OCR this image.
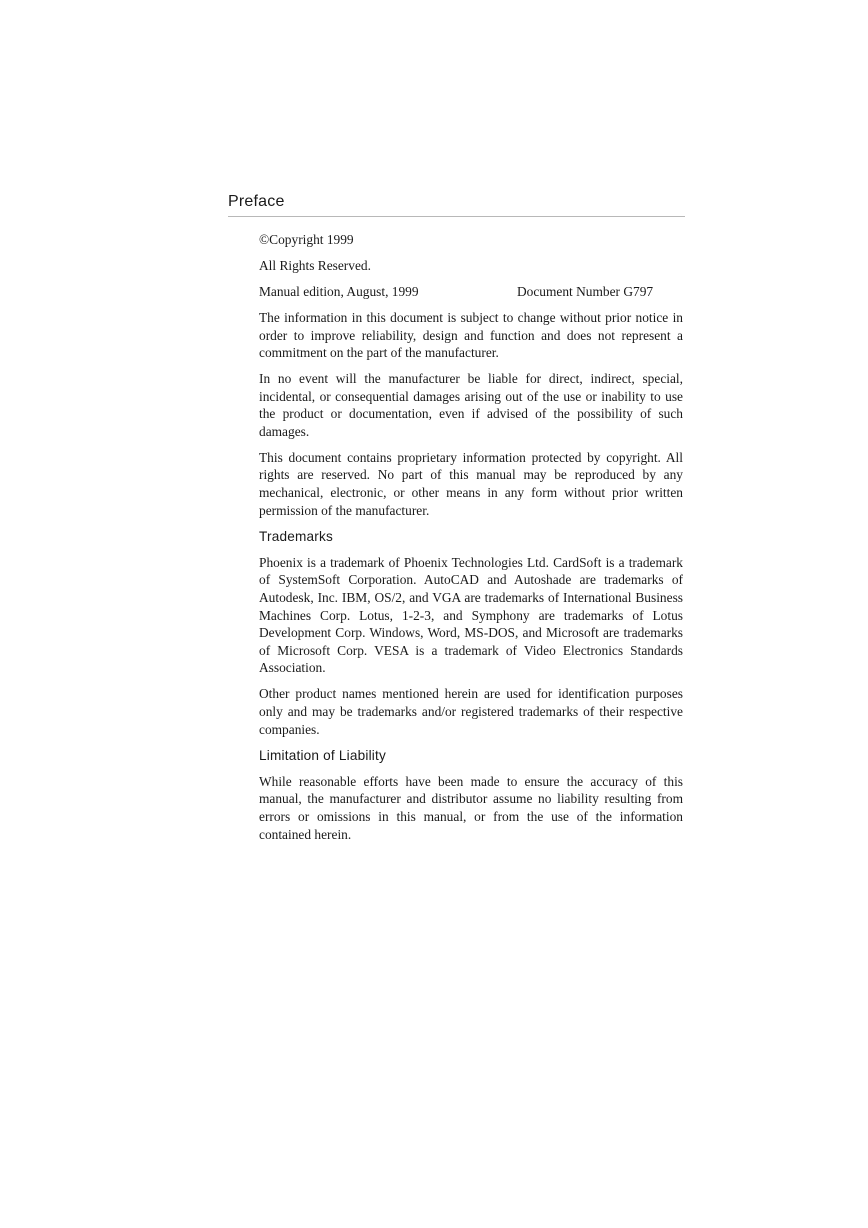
Preface

©Copyright 1999

All Rights Reserved.

Manual edition, August, 1999	Document Number G797

The information in this document is subject to change without prior notice in order to improve reliability, design and function and does not represent a commitment on the part of the manufacturer.

In no event will the manufacturer be liable for direct, indirect, special, incidental, or consequential damages arising out of the use or inability to use the product or documentation, even if advised of the possibility of such damages.

This document contains proprietary information protected by copyright. All rights are reserved. No part of this manual may be reproduced by any mechanical, electronic, or other means in any form without prior written permission of the manufacturer.

Trademarks

Phoenix is a trademark of Phoenix Technologies Ltd. CardSoft is a trademark of SystemSoft Corporation. AutoCAD and Autoshade are trademarks of Autodesk, Inc. IBM, OS/2, and VGA are trademarks of International Business Machines Corp. Lotus, 1-2-3, and Symphony are trademarks of Lotus Development Corp. Windows, Word, MS-DOS, and Microsoft are trademarks of Microsoft Corp. VESA is a trademark of Video Electronics Standards Association.

Other product names mentioned herein are used for identification purposes only and may be trademarks and/or registered trademarks of their respective companies.

Limitation of Liability

While reasonable efforts have been made to ensure the accuracy of this manual, the manufacturer and distributor assume no liability resulting from errors or omissions in this manual, or from the use of the information contained herein.
